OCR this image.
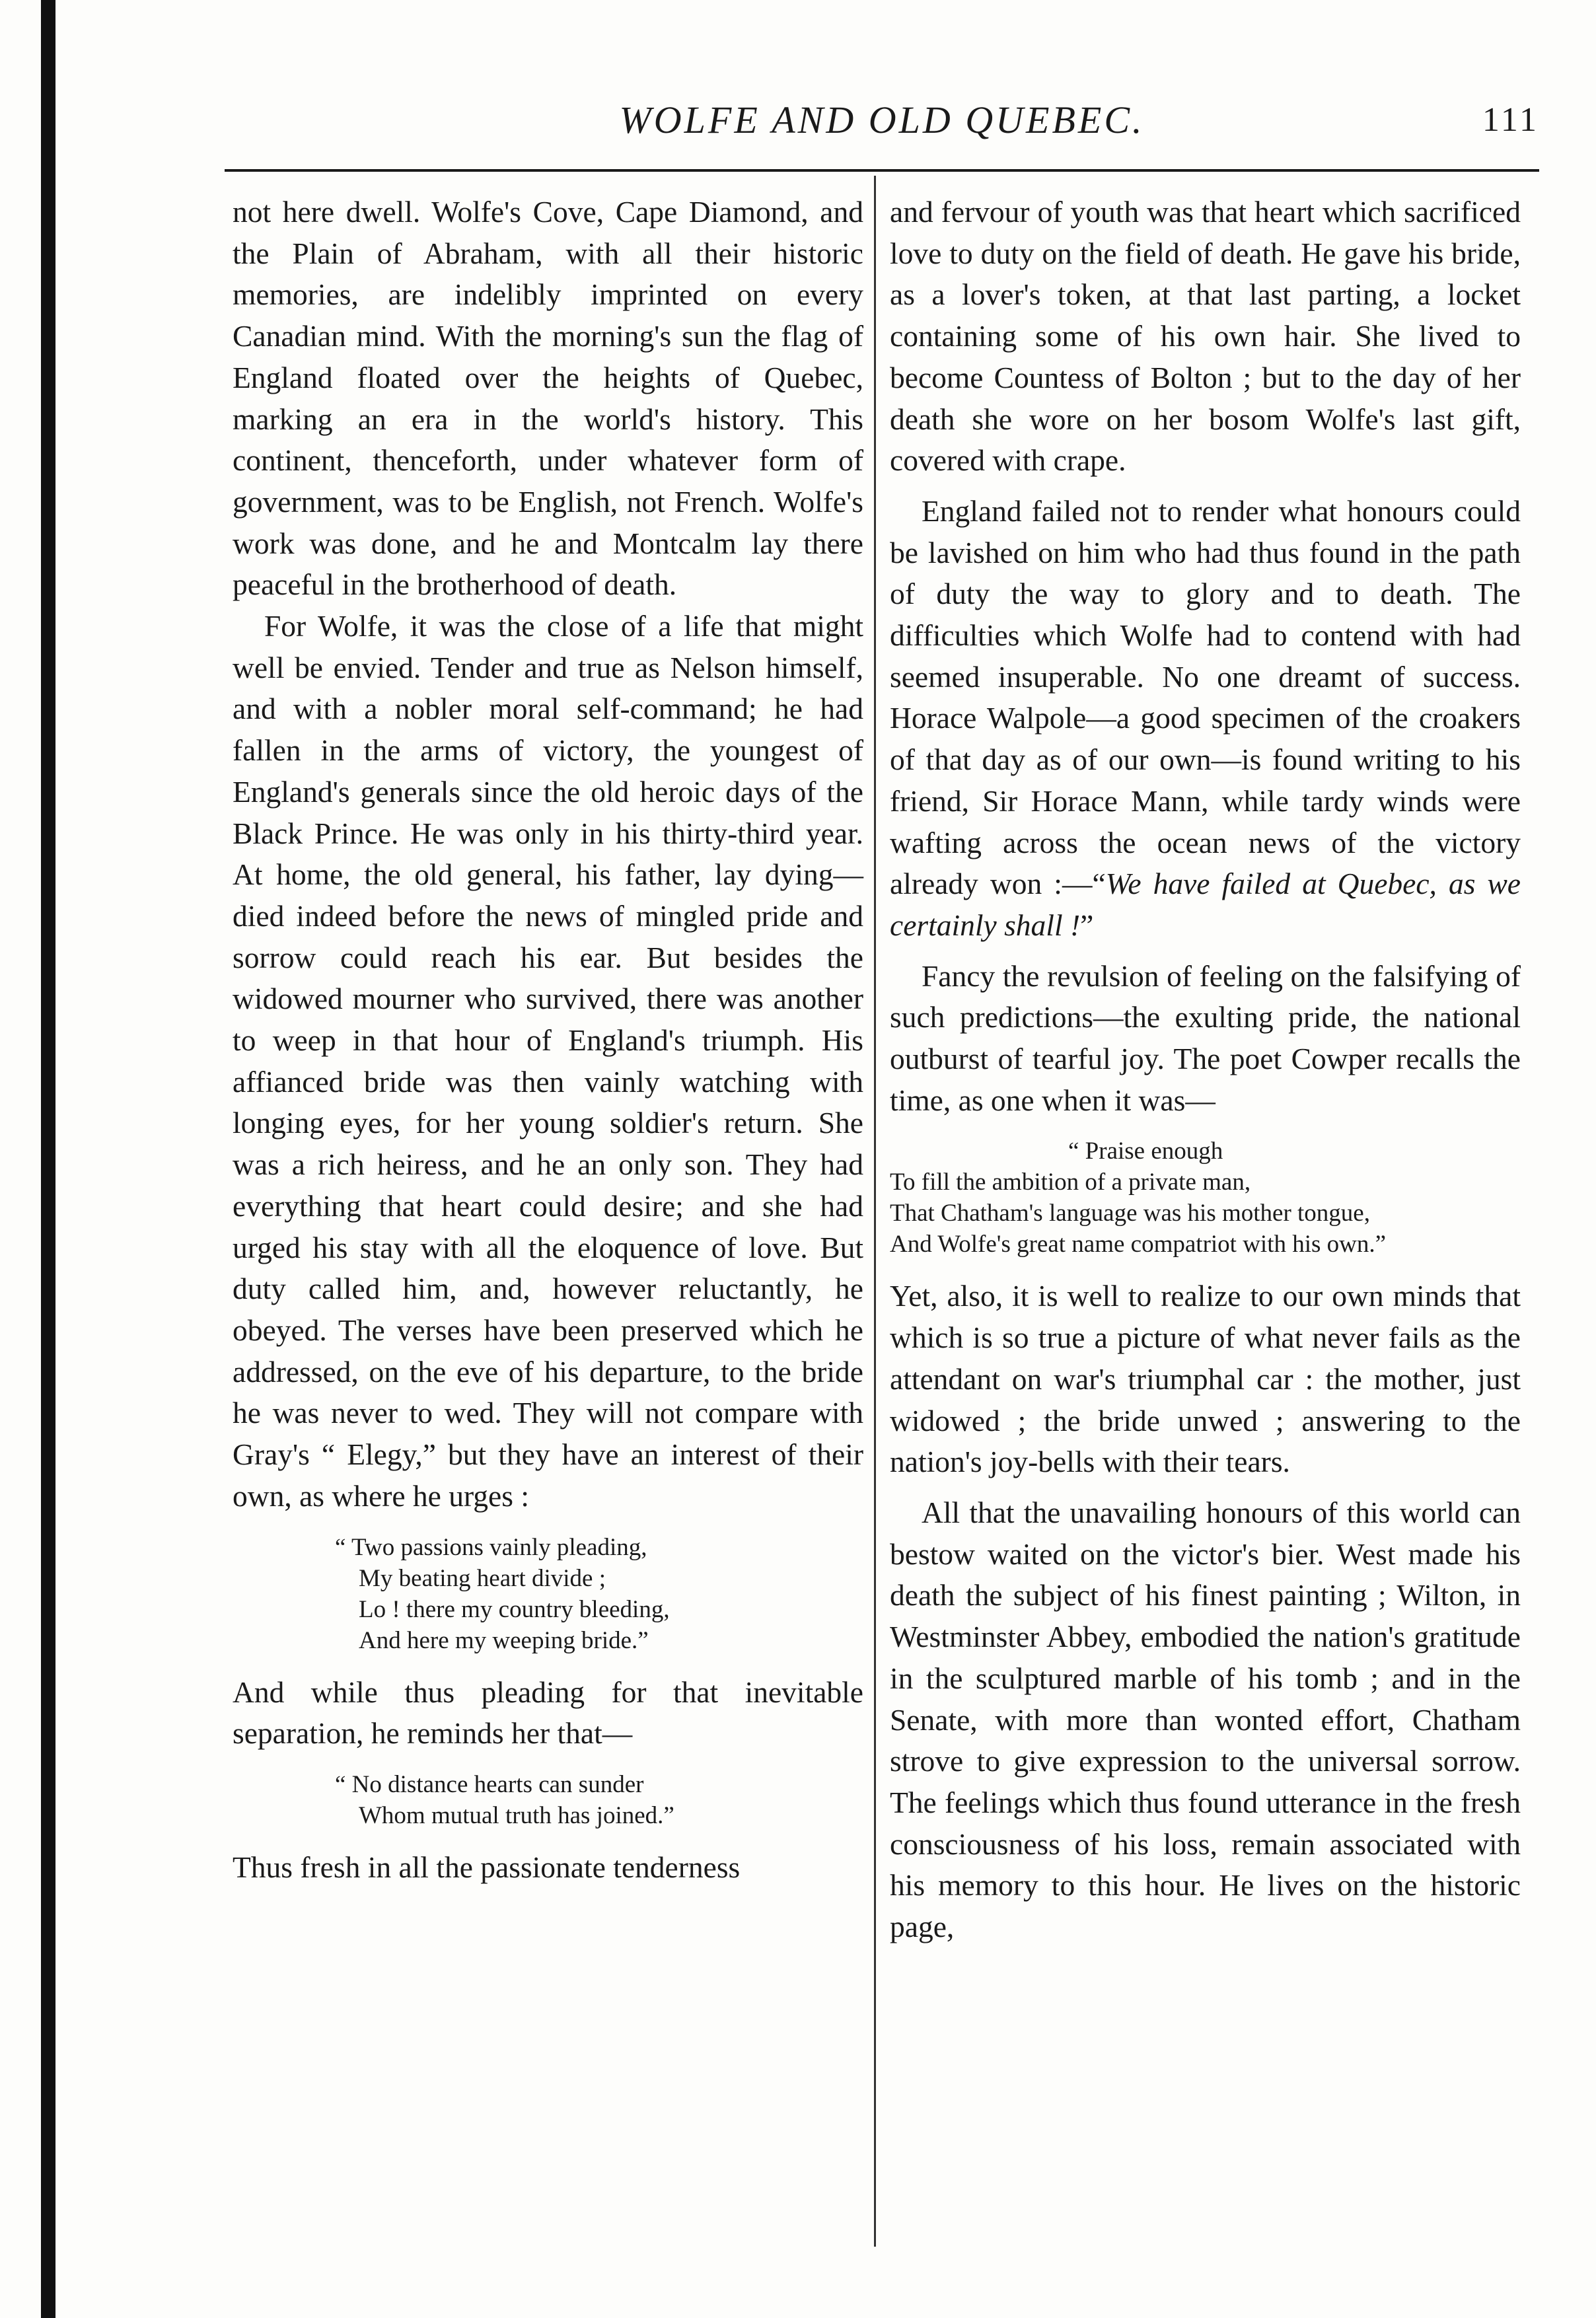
WOLFE AND OLD QUEBEC.	111

not here dwell. Wolfe's Cove, Cape Diamond, and the Plain of Abraham, with all their historic memories, are indelibly imprinted on every Canadian mind. With the morning's sun the flag of England floated over the heights of Quebec, marking an era in the world's history. This continent, thenceforth, under whatever form of government, was to be English, not French. Wolfe's work was done, and he and Montcalm lay there peaceful in the brotherhood of death.

For Wolfe, it was the close of a life that might well be envied. Tender and true as Nelson himself, and with a nobler moral self-command; he had fallen in the arms of victory, the youngest of England's generals since the old heroic days of the Black Prince. He was only in his thirty-third year. At home, the old general, his father, lay dying—died indeed before the news of mingled pride and sorrow could reach his ear. But besides the widowed mourner who survived, there was another to weep in that hour of England's triumph. His affianced bride was then vainly watching with longing eyes, for her young soldier's return. She was a rich heiress, and he an only son. They had everything that heart could desire; and she had urged his stay with all the eloquence of love. But duty called him, and, however reluctantly, he obeyed. The verses have been preserved which he addressed, on the eve of his departure, to the bride he was never to wed. They will not compare with Gray's “ Elegy,” but they have an interest of their own, as where he urges :

“ Two passions vainly pleading,
My beating heart divide ;
Lo ! there my country bleeding,
And here my weeping bride.”

And while thus pleading for that inevitable separation, he reminds her that—

“ No distance hearts can sunder
Whom mutual truth has joined.”

Thus fresh in all the passionate tenderness

and fervour of youth was that heart which sacrificed love to duty on the field of death. He gave his bride, as a lover's token, at that last parting, a locket containing some of his own hair. She lived to become Countess of Bolton ; but to the day of her death she wore on her bosom Wolfe's last gift, covered with crape.

England failed not to render what honours could be lavished on him who had thus found in the path of duty the way to glory and to death. The difficulties which Wolfe had to contend with had seemed insuperable. No one dreamt of success. Horace Walpole—a good specimen of the croakers of that day as of our own—is found writing to his friend, Sir Horace Mann, while tardy winds were wafting across the ocean news of the victory already won :—“We have failed at Quebec, as we certainly shall !”

Fancy the revulsion of feeling on the falsifying of such predictions—the exulting pride, the national outburst of tearful joy. The poet Cowper recalls the time, as one when it was—

“ Praise enough
To fill the ambition of a private man,
That Chatham's language was his mother tongue,
And Wolfe's great name compatriot with his own.”

Yet, also, it is well to realize to our own minds that which is so true a picture of what never fails as the attendant on war's triumphal car : the mother, just widowed ; the bride unwed ; answering to the nation's joy-bells with their tears.

All that the unavailing honours of this world can bestow waited on the victor's bier. West made his death the subject of his finest painting ; Wilton, in Westminster Abbey, embodied the nation's gratitude in the sculptured marble of his tomb ; and in the Senate, with more than wonted effort, Chatham strove to give expression to the universal sorrow. The feelings which thus found utterance in the fresh consciousness of his loss, remain associated with his memory to this hour. He lives on the historic page,
